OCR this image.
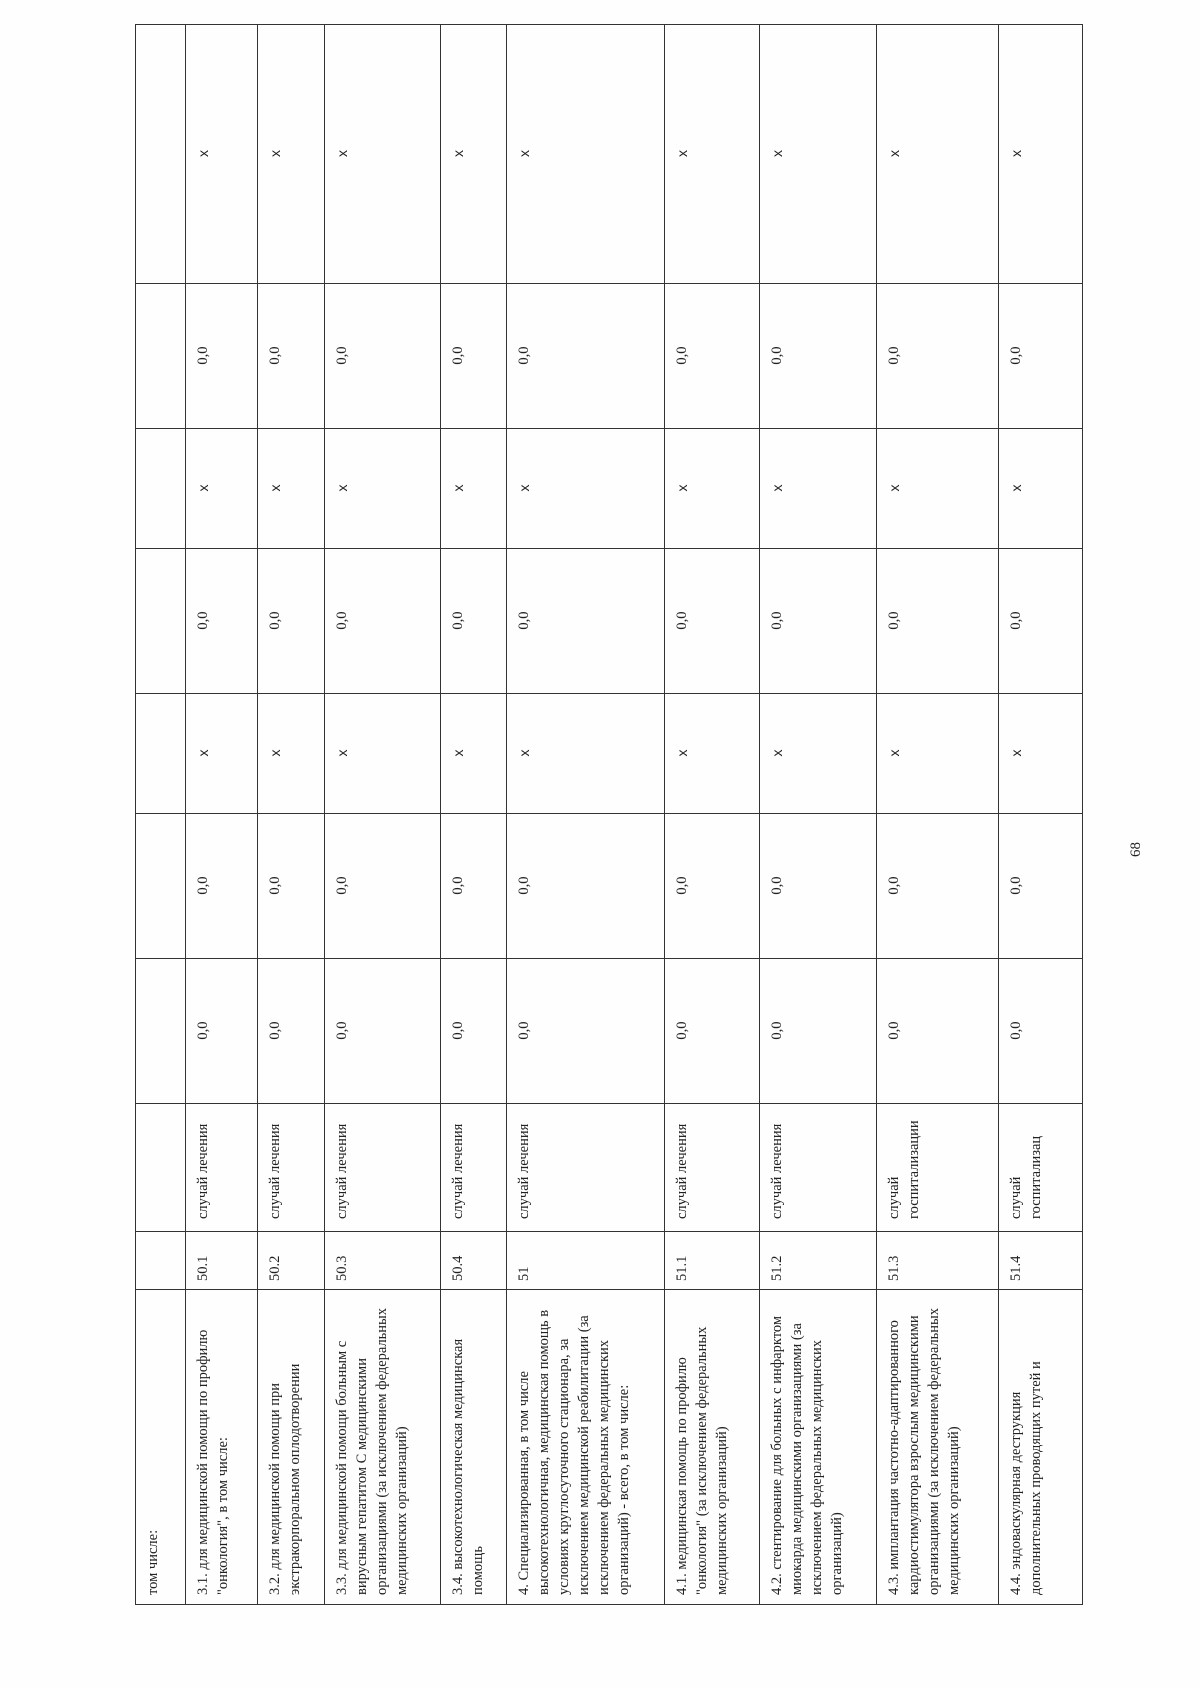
том числе:									
3.1. для медицинской помощи по профилю "онкология", в том числе:	50.1	случай лечения	0,0	0,0	х	0,0	х	0,0	х
3.2. для медицинской помощи при экстракорпоральном оплодотворении	50.2	случай лечения	0,0	0,0	х	0,0	х	0,0	х
3.3. для медицинской помощи больным с вирусным гепатитом С медицинскими организациями (за исключением федеральных медицинских организаций)	50.3	случай лечения	0,0	0,0	х	0,0	х	0,0	х
3.4. высокотехнологическая медицинская помощь	50.4	случай лечения	0,0	0,0	х	0,0	х	0,0	х
4. Специализированная, в том числе высокотехнологичная, медицинская помощь в условиях круглосуточного стационара, за исключением медицинской реабилитации (за исключением федеральных медицинских организаций) - всего, в том числе:	51	случай лечения	0,0	0,0	х	0,0	х	0,0	х
4.1. медицинская помощь по профилю "онкология" (за исключением федеральных медицинских организаций)	51.1	случай лечения	0,0	0,0	х	0,0	х	0,0	х
4.2. стентирование для больных с инфарктом миокарда медицинскими организациями (за исключением федеральных медицинских организаций)	51.2	случай лечения	0,0	0,0	х	0,0	х	0,0	х
4.3. имплантация частотно-адаптированного кардиостимулятора взрослым медицинскими организациями (за исключением федеральных медицинских организаций)	51.3	случай госпитализации	0,0	0,0	х	0,0	х	0,0	х
4.4. эндоваскулярная деструкция дополнительных проводящих путей и	51.4	случай госпитализац	0,0	0,0	х	0,0	х	0,0	х
68
